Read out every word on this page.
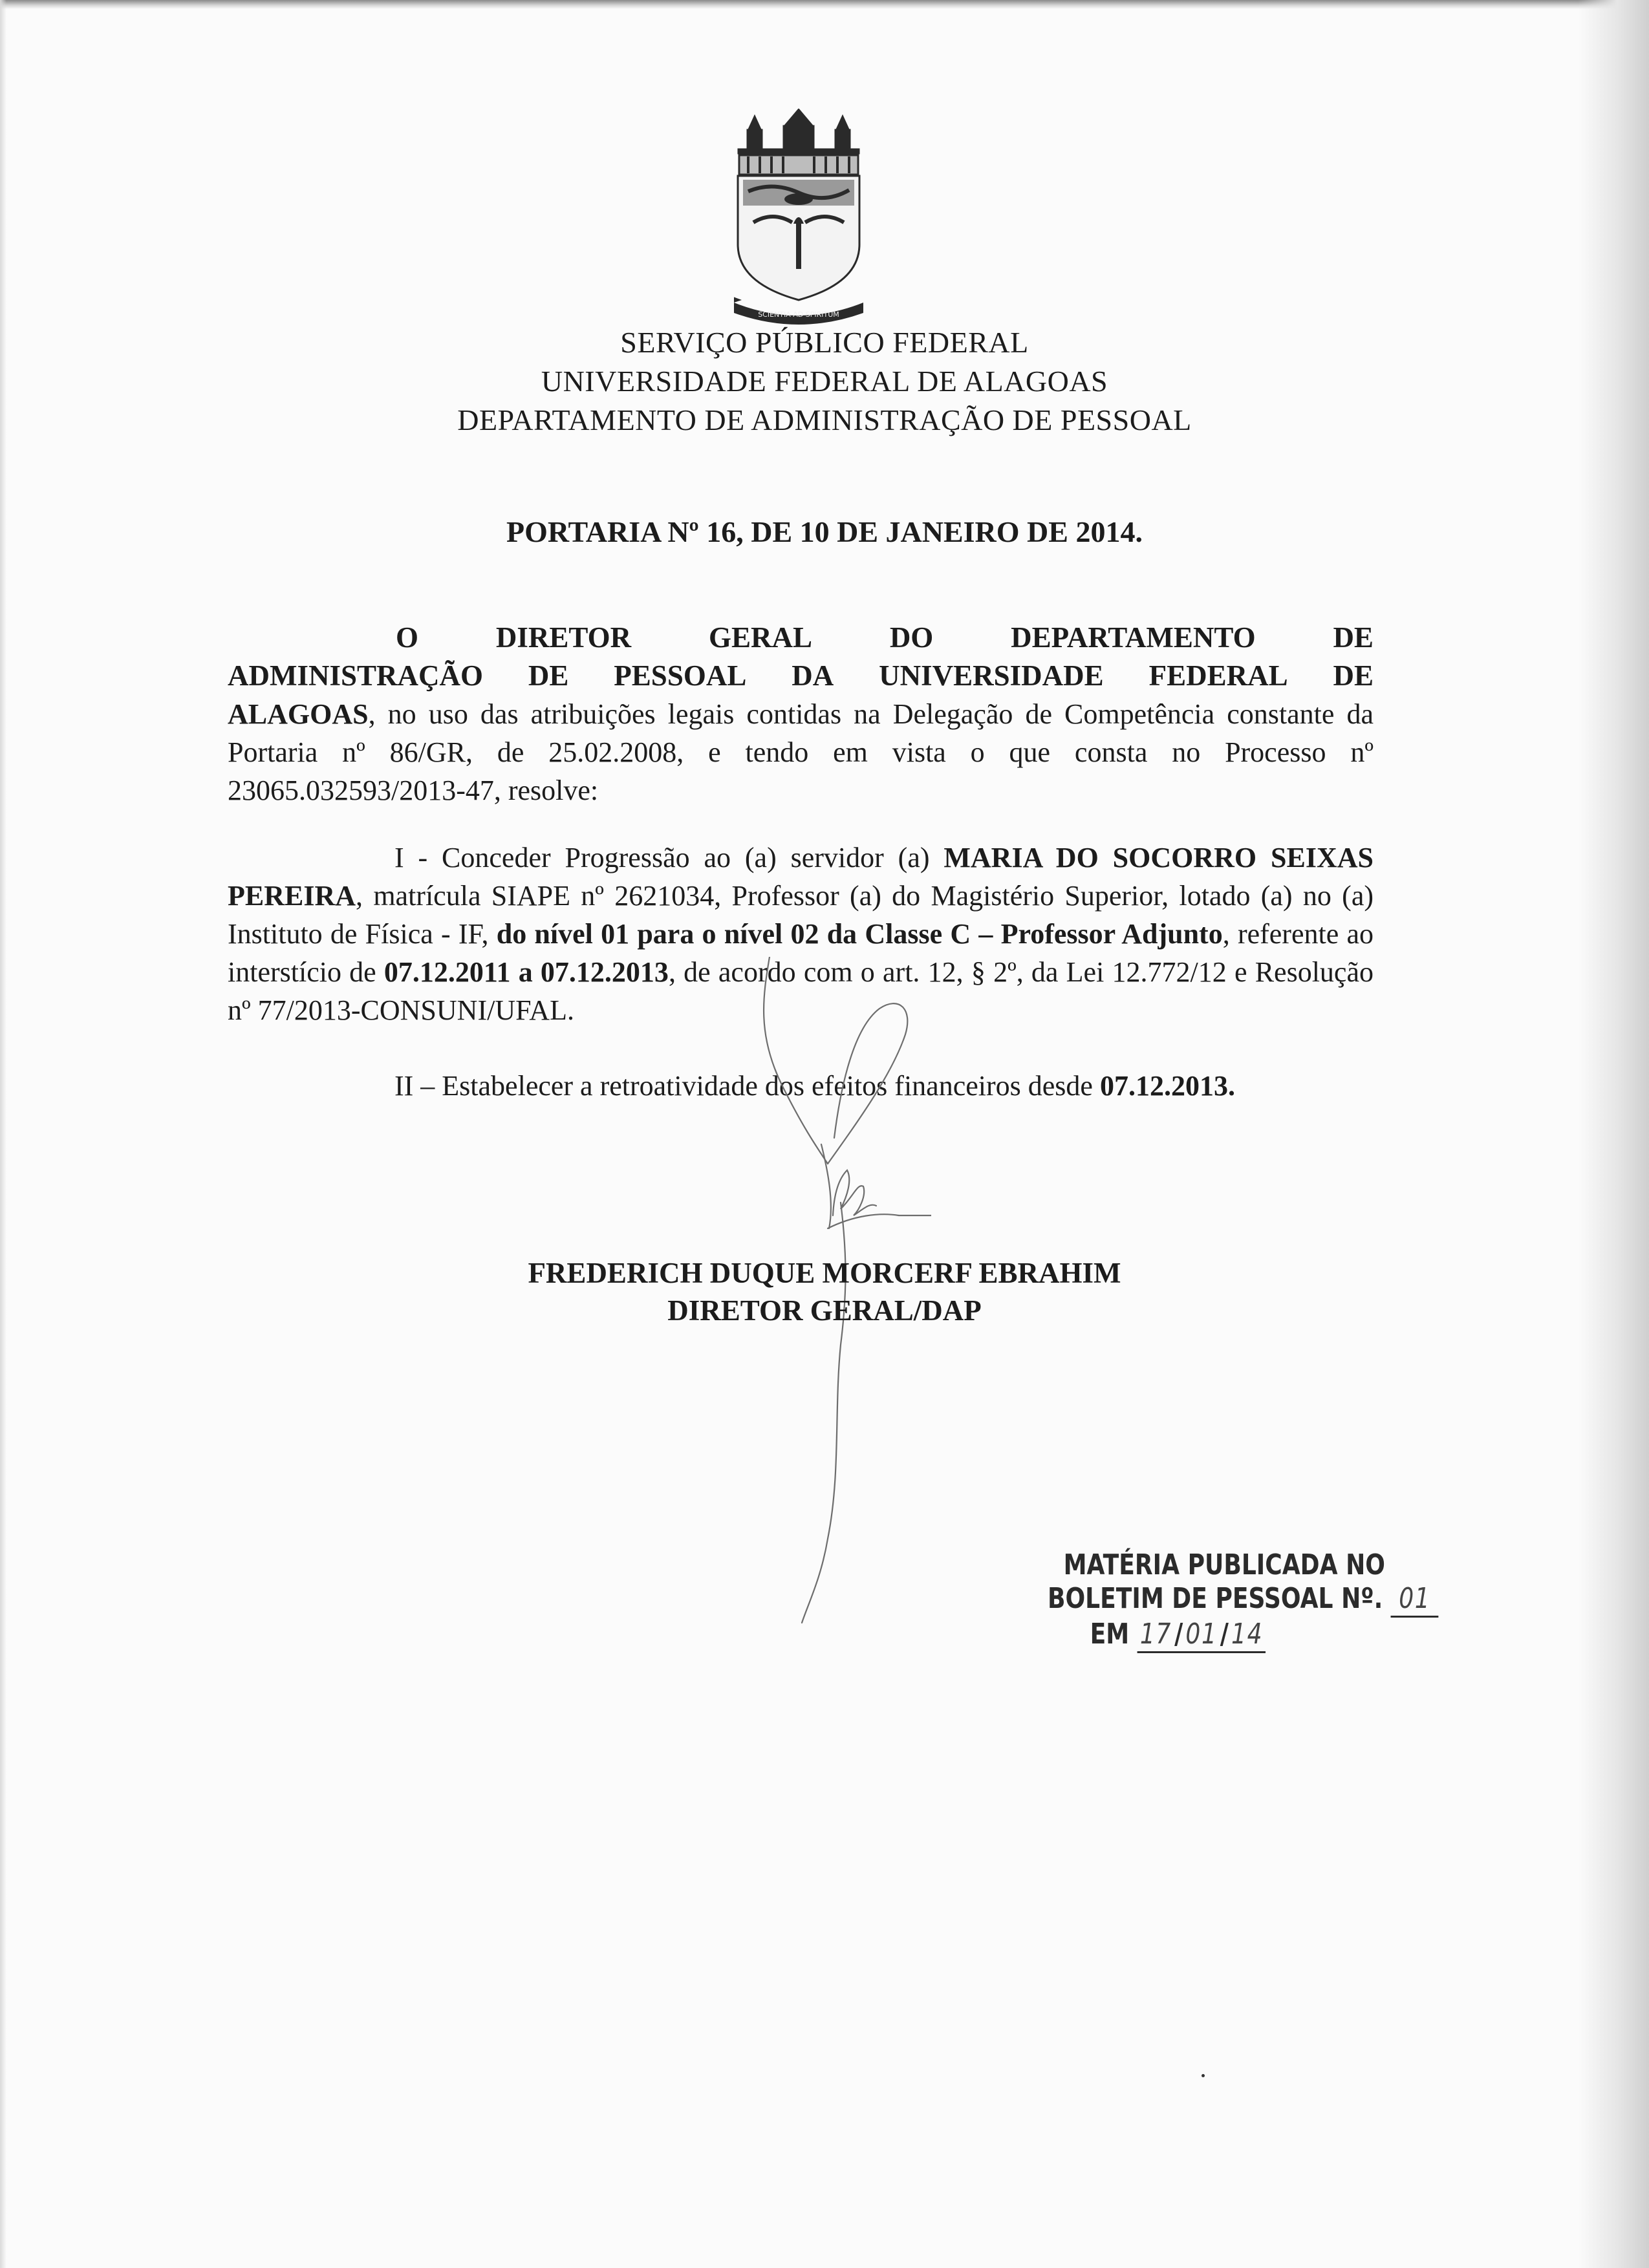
SCIENTIA AD SPIRITUM
SERVIÇO PÚBLICO FEDERAL
UNIVERSIDADE FEDERAL DE ALAGOAS
DEPARTAMENTO DE ADMINISTRAÇÃO DE PESSOAL
PORTARIA Nº 16, DE 10 DE JANEIRO DE 2014.
O	DIRETOR	GERAL	DO	DEPARTAMENTO	DE
ADMINISTRAÇÃO DE PESSOAL DA UNIVERSIDADE FEDERAL DE
ALAGOAS, no uso das atribuições legais contidas na Delegação de Competência constante da Portaria nº 86/GR, de 25.02.2008, e tendo em vista o que consta no Processo nº 23065.032593/2013-47, resolve:
I - Conceder Progressão ao (a) servidor (a) MARIA DO SOCORRO SEIXAS PEREIRA, matrícula SIAPE nº 2621034, Professor (a) do Magistério Superior, lotado (a) no (a) Instituto de Física - IF, do nível 01 para o nível 02 da Classe C – Professor Adjunto, referente ao interstício de 07.12.2011 a 07.12.2013, de acordo com o art. 12, § 2º, da Lei 12.772/12 e Resolução nº 77/2013-CONSUNI/UFAL.
II – Estabelecer a retroatividade dos efeitos financeiros desde 07.12.2013.
FREDERICH DUQUE MORCERF EBRAHIM
DIRETOR GERAL/DAP
MATÉRIA PUBLICADA NO
BOLETIM DE PESSOAL Nº. 01
EM 17/01/14
